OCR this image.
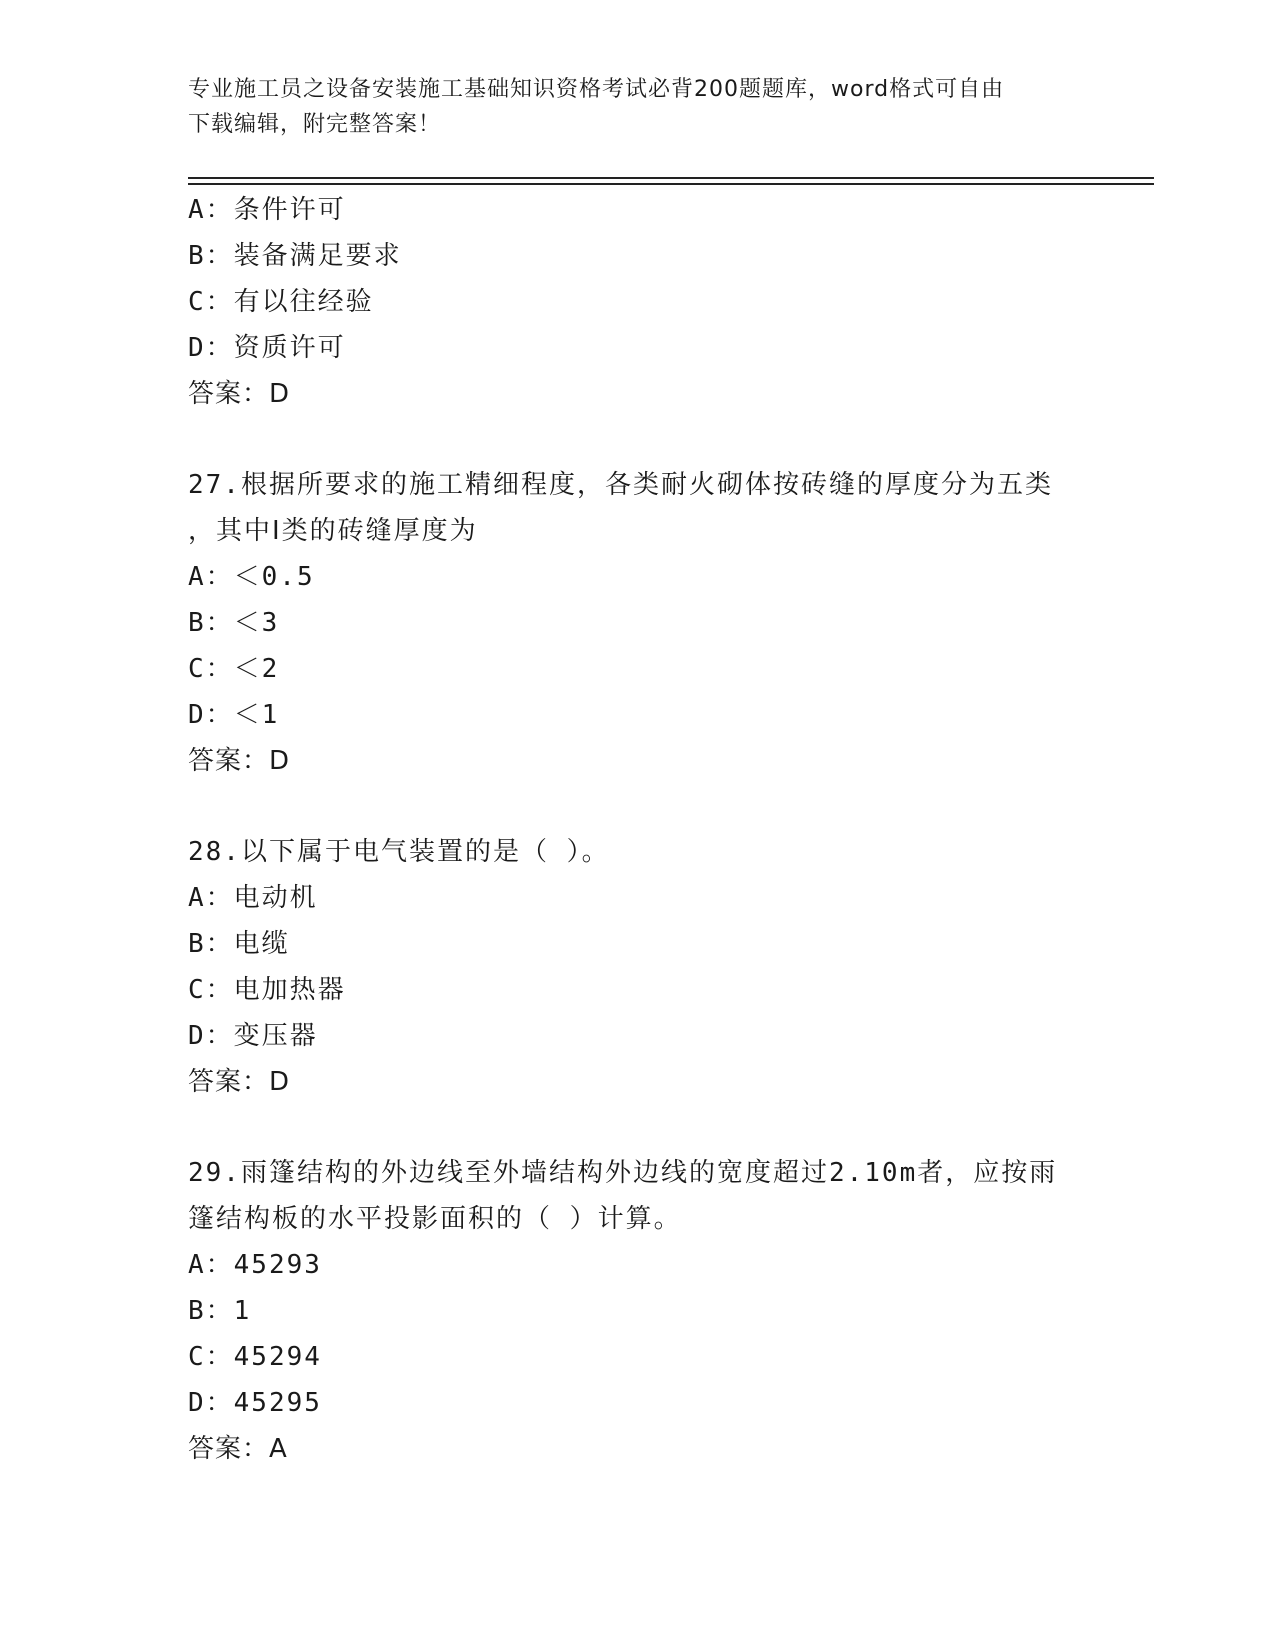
专业施工员之设备安装施工基础知识资格考试必背200题题库，word格式可自由
下载编辑，附完整答案！
A：条件许可
B：装备满足要求
C：有以往经验
D：资质许可
答案：D
27.根据所要求的施工精细程度，各类耐火砌体按砖缝的厚度分为五类
，其中Ⅰ类的砖缝厚度为
A：＜0.5
B：＜3
C：＜2
D：＜1
答案：D
28.以下属于电气装置的是（ ）。
A：电动机
B：电缆
C：电加热器
D：变压器
答案：D
29.雨篷结构的外边线至外墙结构外边线的宽度超过2.10m者，应按雨
篷结构板的水平投影面积的（ ）计算。
A：45293
B：1
C：45294
D：45295
答案：A
